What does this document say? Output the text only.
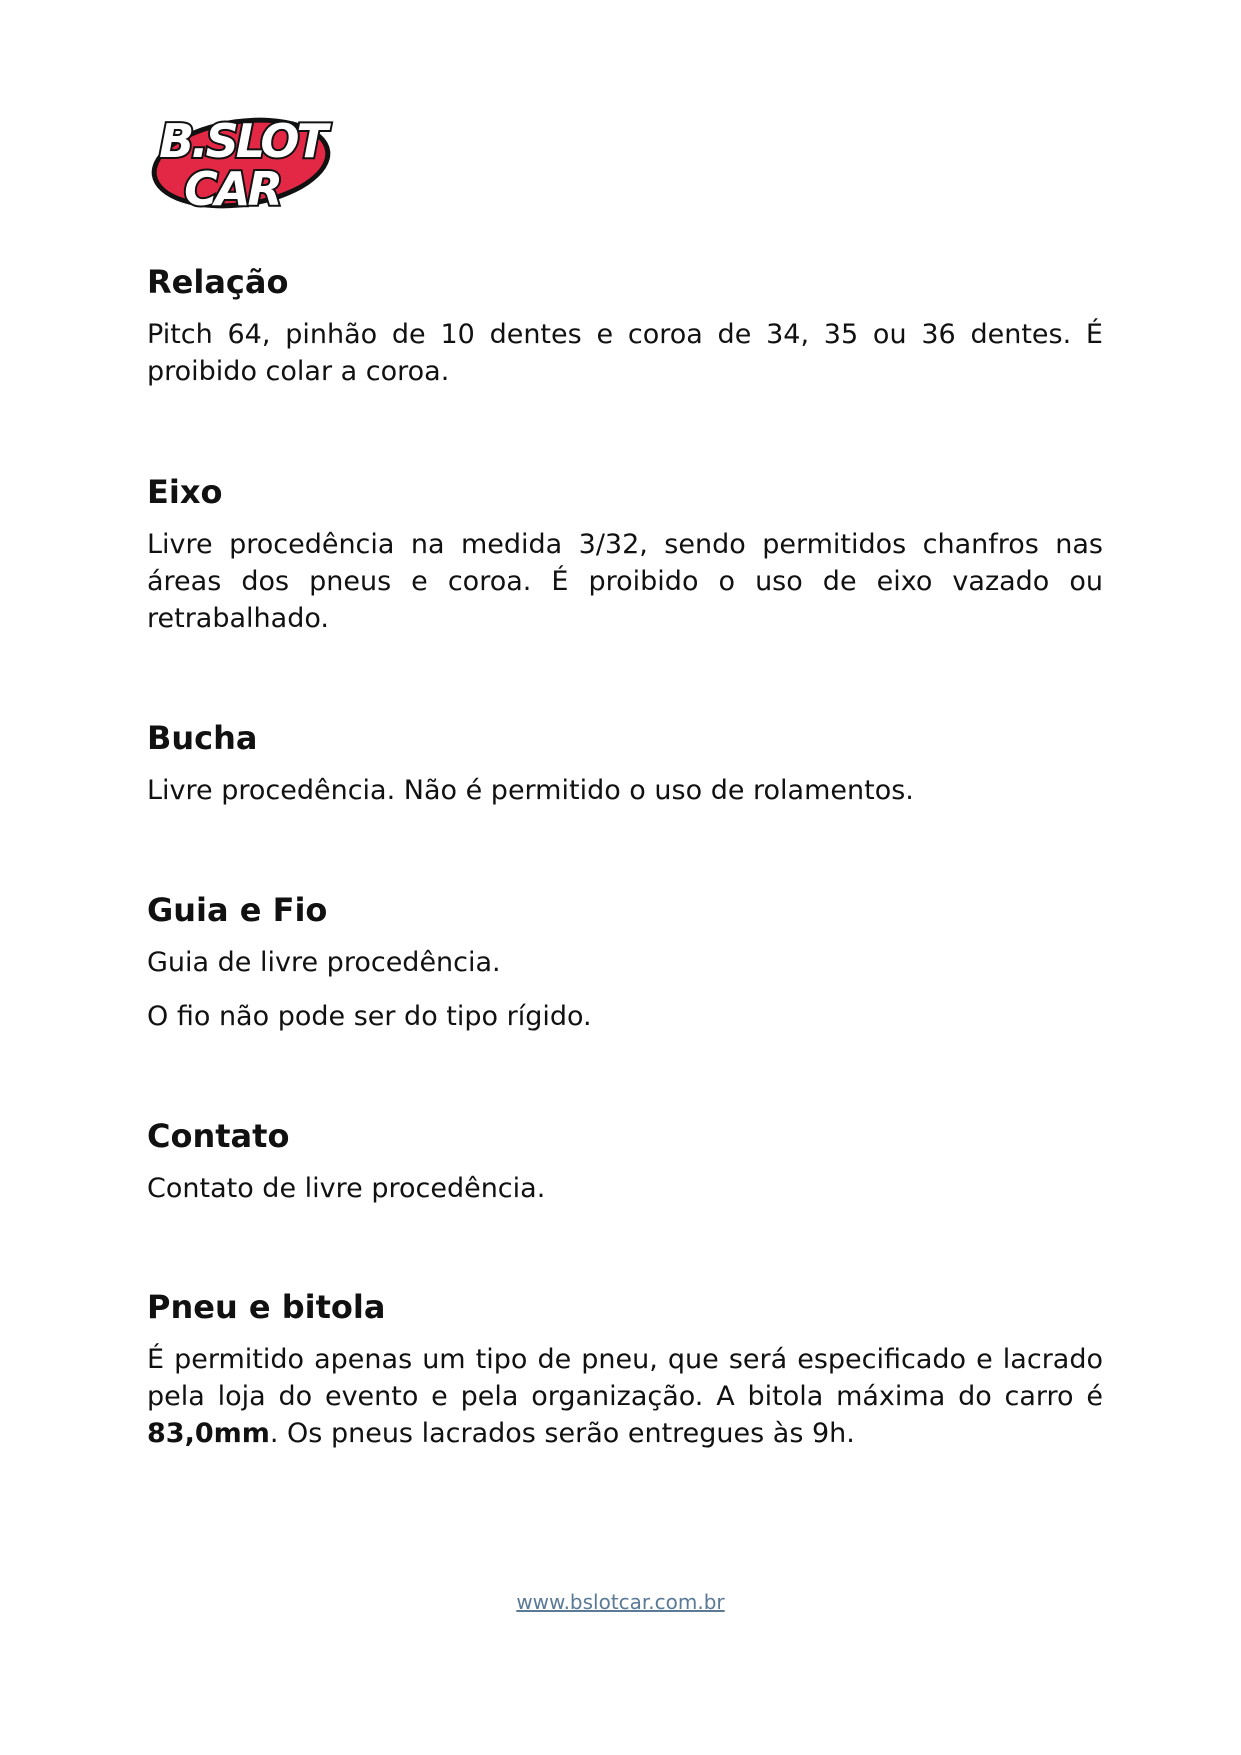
B.SLOT
CAR
Relação

Pitch 64, pinhão de 10 dentes e coroa de 34, 35 ou 36 dentes. É proibido colar a coroa.

Eixo

Livre procedência na medida 3/32, sendo permitidos chanfros nas áreas dos pneus e coroa. É proibido o uso de eixo vazado ou retrabalhado.

Bucha

Livre procedência. Não é permitido o uso de rolamentos.

Guia e Fio

Guia de livre procedência.

O fio não pode ser do tipo rígido.

Contato

Contato de livre procedência.

Pneu e bitola

É permitido apenas um tipo de pneu, que será especificado e lacrado pela loja do evento e pela organização. A bitola máxima do carro é 83,0mm. Os pneus lacrados serão entregues às 9h.

www.bslotcar.com.br
